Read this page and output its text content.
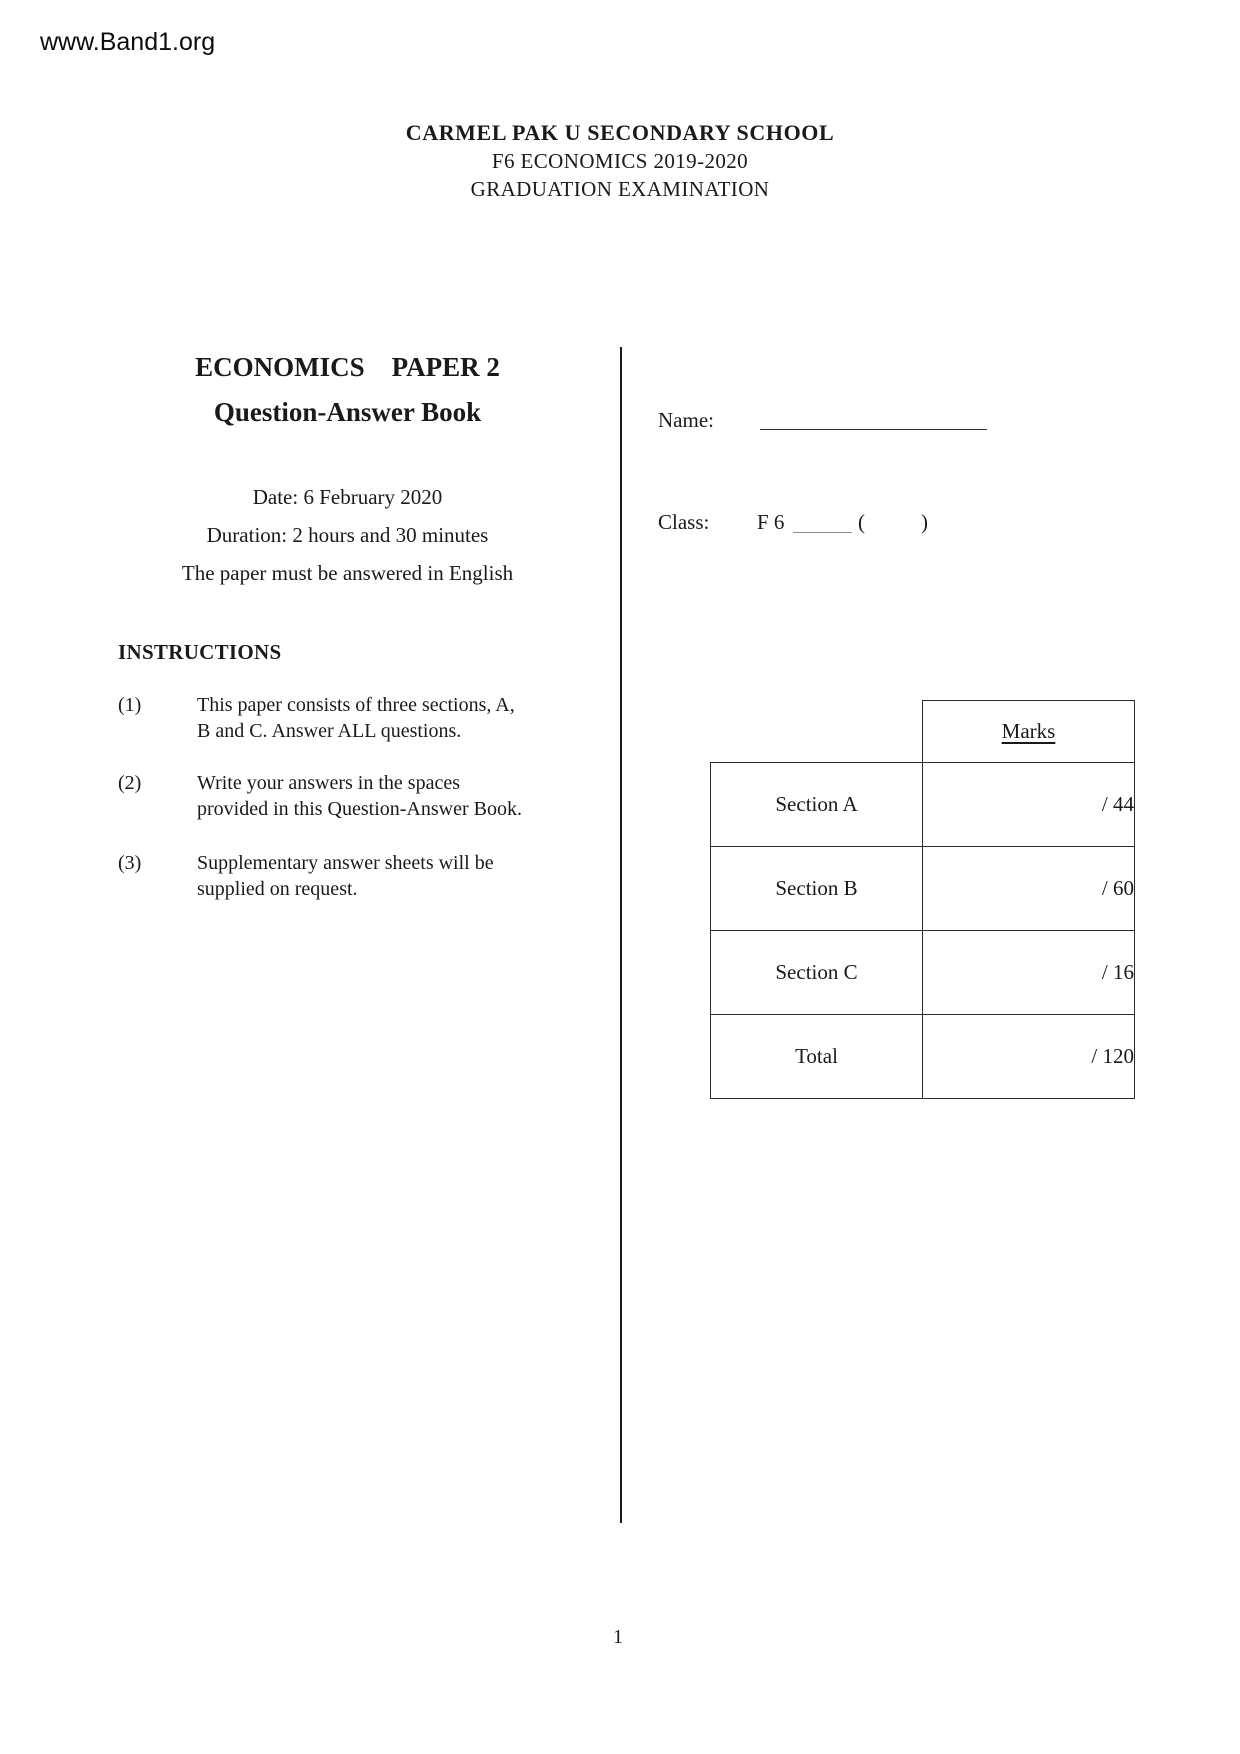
www.Band1.org
CARMEL PAK U SECONDARY SCHOOL
F6 ECONOMICS 2019-2020
GRADUATION EXAMINATION
ECONOMICS    PAPER 2
Question-Answer Book
Date: 6 February 2020
Duration: 2 hours and 30 minutes
The paper must be answered in English
INSTRUCTIONS
(1)	This paper consists of three sections, A,
B and C. Answer ALL questions.
(2)	Write your answers in the spaces
provided in this Question-Answer Book.
(3)	Supplementary answer sheets will be
supplied on request.
Name:
Class: F 6	(	)
	Marks
Section A	/ 44
Section B	/ 60
Section C	/ 16
Total	/ 120
1
